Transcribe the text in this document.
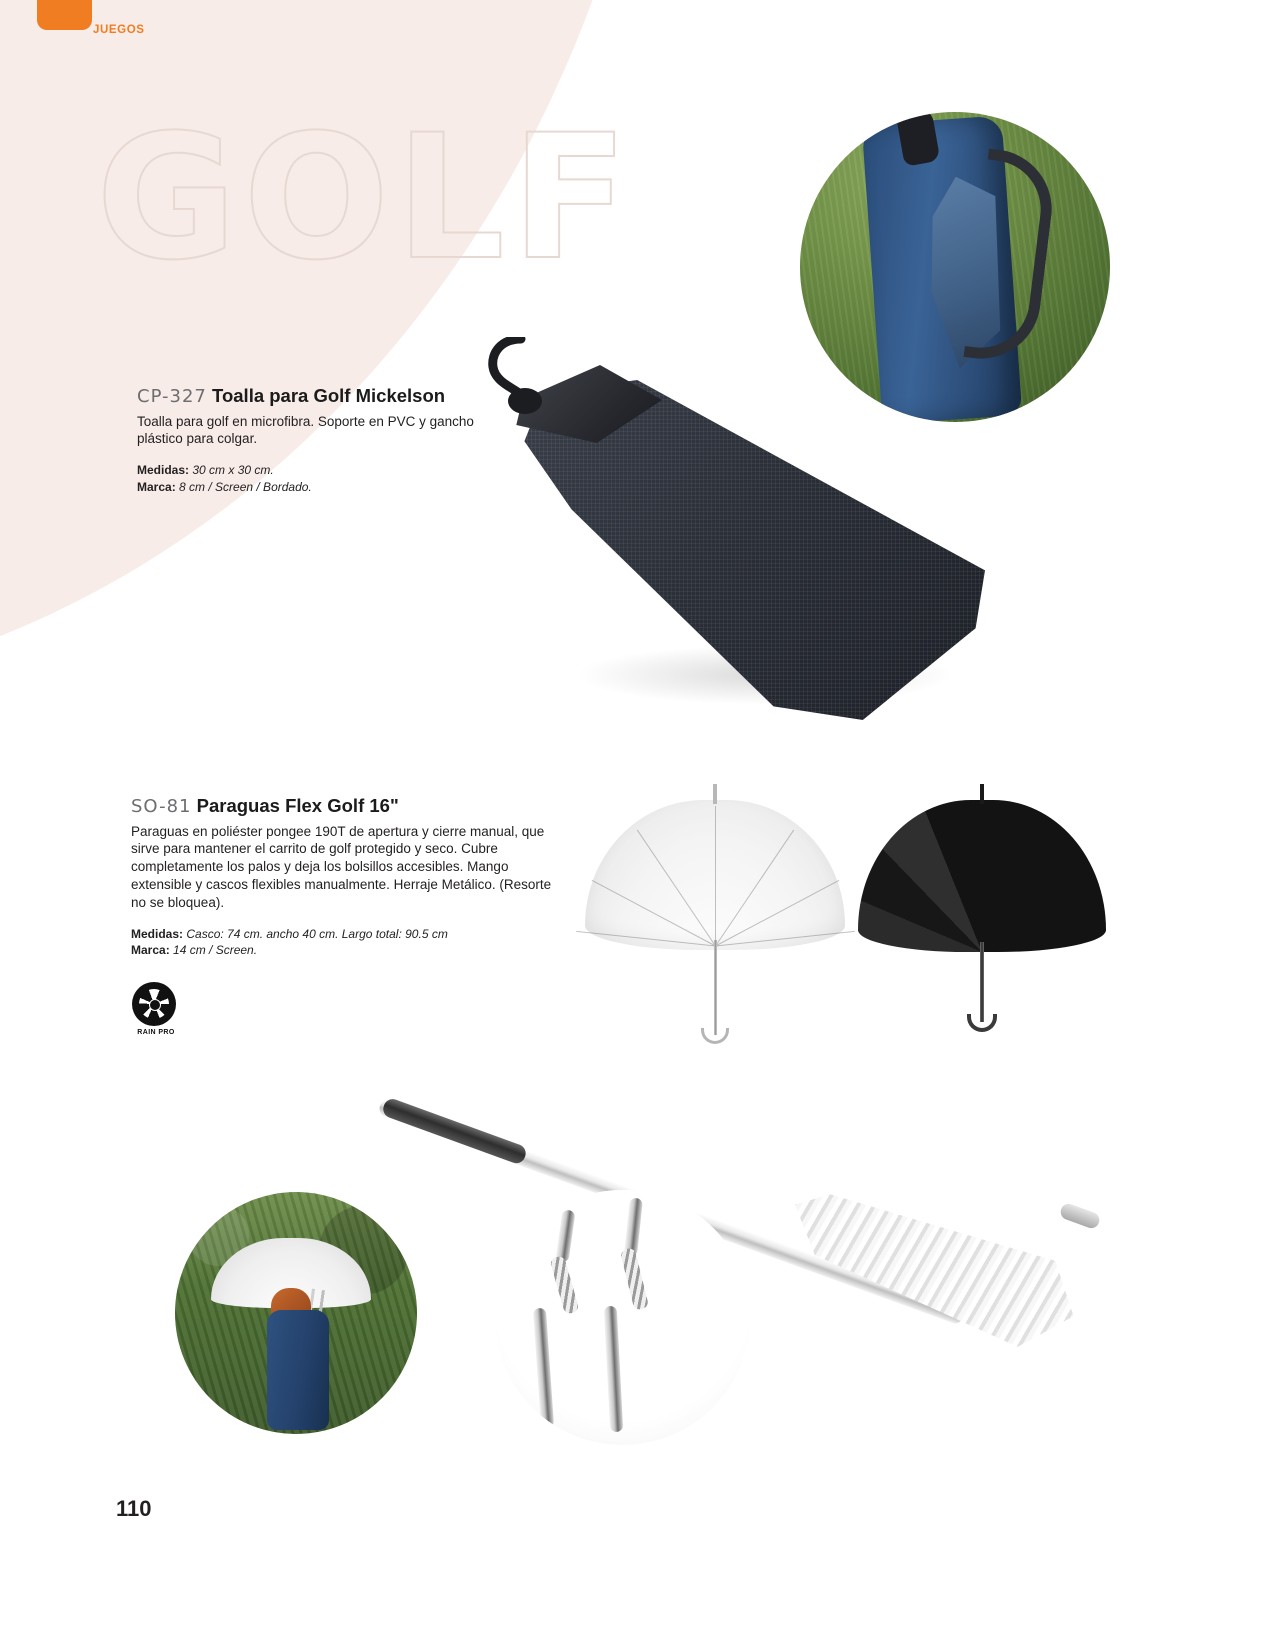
JUEGOS
GOLF
CP-327 Toalla para Golf Mickelson
Toalla para golf en microfibra. Soporte en PVC y gancho plástico para colgar.
Medidas: 30 cm x 30 cm.
Marca: 8 cm / Screen / Bordado.
SO-81 Paraguas Flex Golf 16"
Paraguas en poliéster pongee 190T de apertura y cierre manual, que sirve para mantener el carrito de golf protegido y seco. Cubre completamente los palos y deja los bolsillos accesibles. Mango extensible y cascos flexibles manualmente. Herraje Metálico. (Resorte no se bloquea).
Medidas: Casco: 74 cm. ancho 40 cm. Largo total: 90.5 cm
Marca: 14 cm / Screen.
RAIN PRO
110
